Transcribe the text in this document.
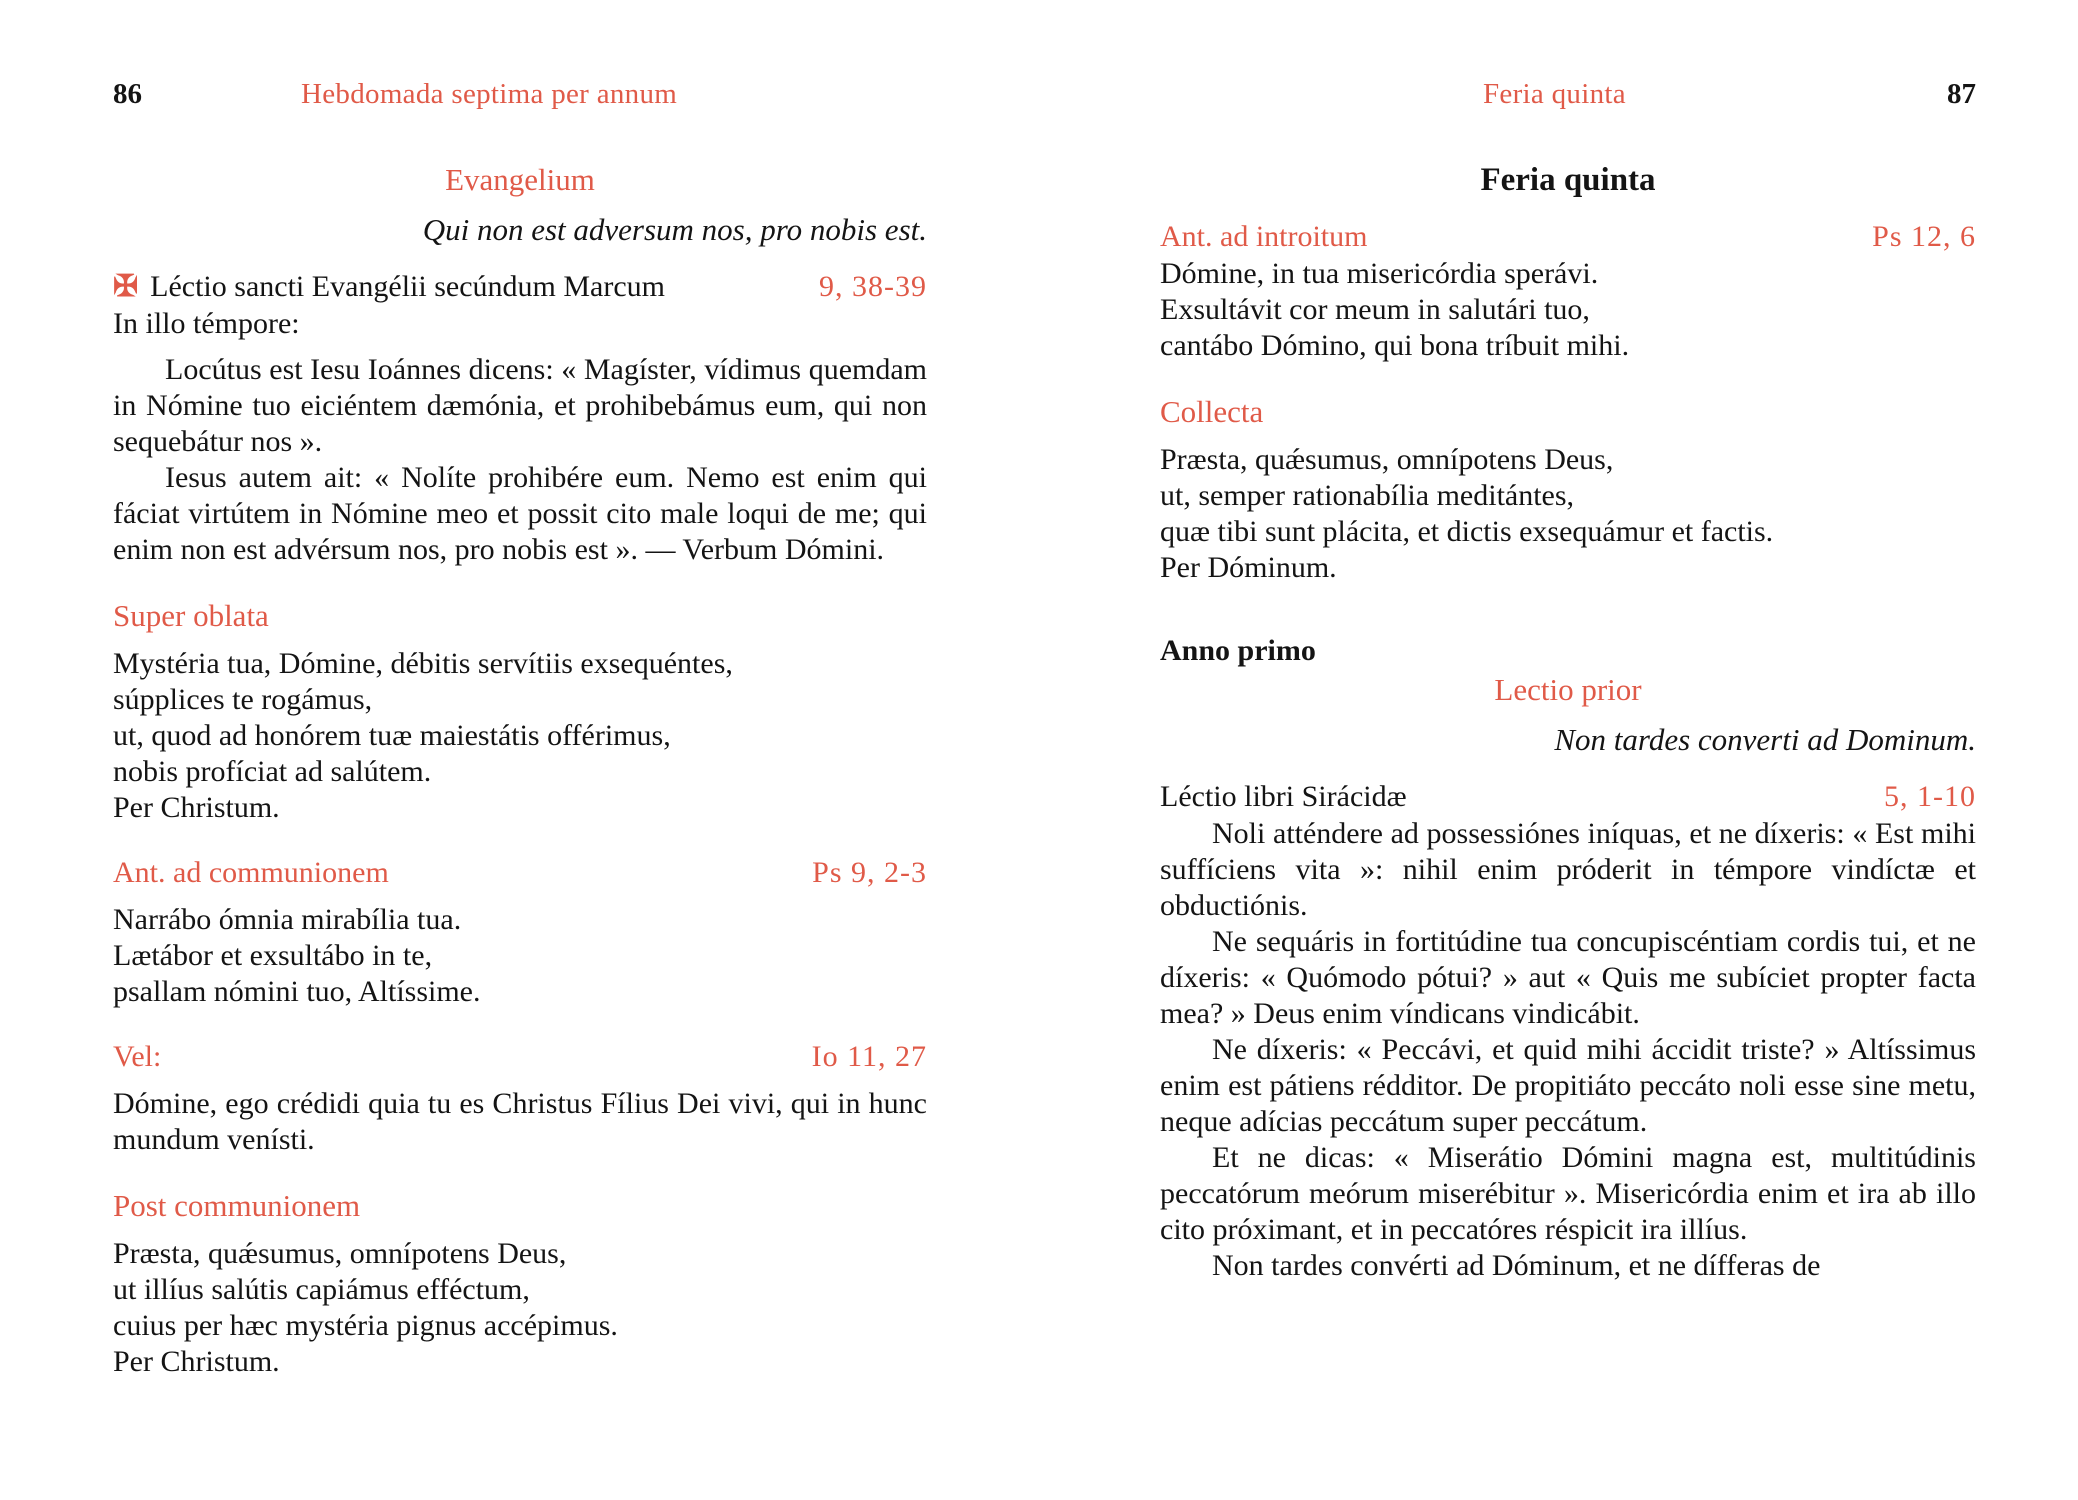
86	Hebdomada septima per annum
Evangelium
Qui non est adversum nos, pro nobis est.
✠ Léctio sancti Evangélii secúndum Marcum	9, 38-39
In illo témpore:
Locútus est Iesu Ioánnes dicens: « Magíster, vídimus quemdam in Nómine tuo eiciéntem dæmónia, et prohibebámus eum, qui non sequebátur nos ».
Iesus autem ait: « Nolíte prohibére eum. Nemo est enim qui fáciat virtútem in Nómine meo et possit cito male loqui de me; qui enim non est advérsum nos, pro nobis est ». — Verbum Dómini.
Super oblata
Mystéria tua, Dómine, débitis servítiis exsequéntes,
súpplices te rogámus,
ut, quod ad honórem tuæ maiestátis offérimus,
nobis profíciat ad salútem.
Per Christum.
Ant. ad communionem	Ps 9, 2-3
Narrábo ómnia mirabília tua.
Lætábor et exsultábo in te,
psallam nómini tuo, Altíssime.
Vel:	Io 11, 27
Dómine, ego crédidi quia tu es Christus Fílius Dei vivi, qui in hunc mundum venísti.
Post communionem
Præsta, quǽsumus, omnípotens Deus,
ut illíus salútis capiámus efféctum,
cuius per hæc mystéria pignus accépimus.
Per Christum.
Feria quinta	87
Feria quinta
Ant. ad introitum	Ps 12, 6
Dómine, in tua misericórdia sperávi.
Exsultávit cor meum in salutári tuo,
cantábo Dómino, qui bona tríbuit mihi.
Collecta
Præsta, quǽsumus, omnípotens Deus,
ut, semper rationabília meditántes,
quæ tibi sunt plácita, et dictis exsequámur et factis.
Per Dóminum.
Anno primo
Lectio prior
Non tardes converti ad Dominum.
Léctio libri Sirácidæ	5, 1-10
Noli atténdere ad possessiónes iníquas, et ne díxeris: « Est mihi suffíciens vita »: nihil enim próderit in témpore vindíctæ et obductiónis.
Ne sequáris in fortitúdine tua concupiscéntiam cordis tui, et ne díxeris: « Quómodo pótui? » aut « Quis me subíciet propter facta mea? » Deus enim víndicans vindicábit.
Ne díxeris: « Peccávi, et quid mihi áccidit triste? » Altíssimus enim est pátiens rédditor. De propitiáto peccáto noli esse sine metu, neque adícias peccátum super peccátum.
Et ne dicas: « Miserátio Dómini magna est, multitúdinis peccatórum meórum miserébitur ». Misericórdia enim et ira ab illo cito próximant, et in peccatóres réspicit ira illíus.
Non tardes convérti ad Dóminum, et ne dífferas de
